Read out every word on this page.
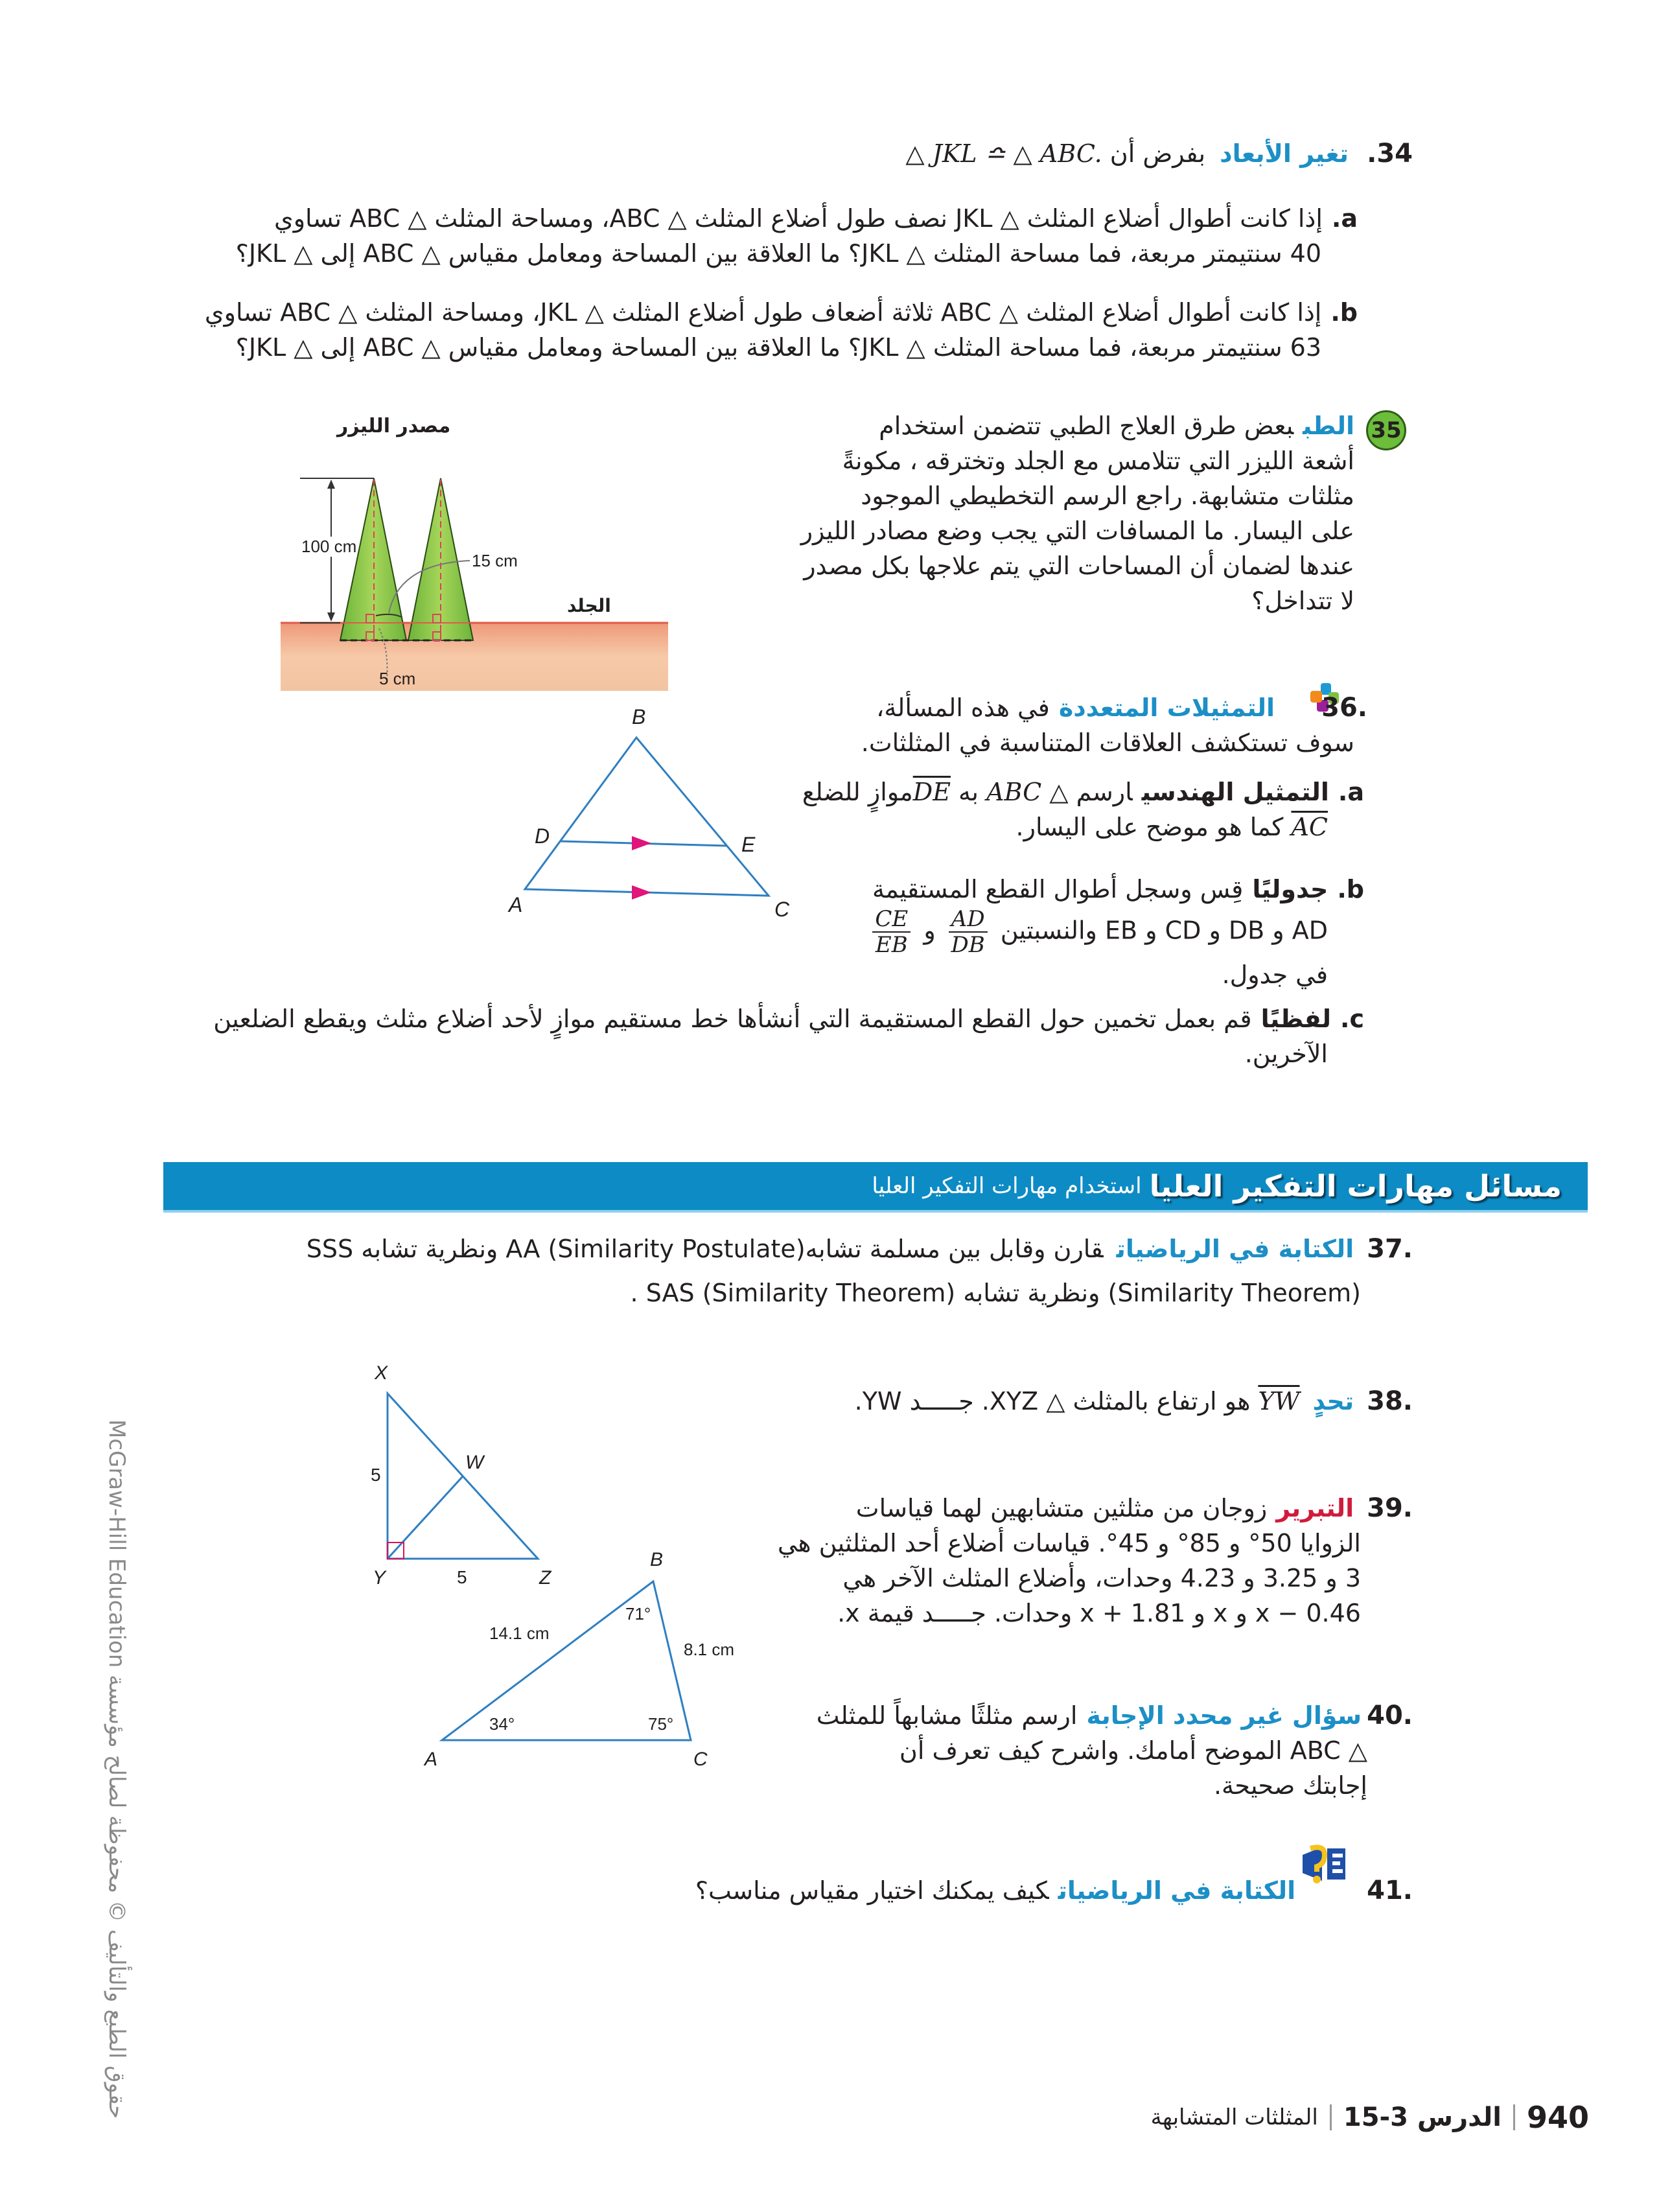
34. تغير الأبعاد بفرض أن △ JKL ≏ △ ABC.
a.إذا كانت أطوال أضلاع المثلث △ JKL نصف طول أضلاع المثلث △ ABC، ومساحة المثلث △ ABC تساوي
40 سنتيمتر مربعة، فما مساحة المثلث △ JKL؟ ما العلاقة بين المساحة ومعامل مقياس △ ABC إلى △ JKL؟
b.إذا كانت أطوال أضلاع المثلث △ ABC ثلاثة أضعاف طول أضلاع المثلث △ JKL، ومساحة المثلث △ ABC تساوي
63 سنتيمتر مربعة، فما مساحة المثلث △ JKL؟ ما العلاقة بين المساحة ومعامل مقياس △ ABC إلى △ JKL؟
35
الطببعض طرق العلاج الطبي تتضمن استخدام
أشعة الليزر التي تتلامس مع الجلد وتخترقه ، مكونةً
مثلثات متشابهة. راجع الرسم التخطيطي الموجود
على اليسار. ما المسافات التي يجب وضع مصادر الليزر
عندها لضمان أن المساحات التي يتم علاجها بكل مصدر
لا تتداخل؟
مصدر الليزر
100 cm
15 cm
5 cm
الجلد
.36 التمثيلات المتعددةفي هذه المسألة،
سوف تستكشف العلاقات المتناسبة في المثلثات.
a.التمثيل الهندسيارسم △ ABC به DEموازٍ للضلع
AC كما هو موضح على اليسار.
b.جدوليًاقِس وسجل أطوال القطع المستقيمة
AD و DB و CD و EB والنسبتين
$\frac{AD}{DB}$
و
$\frac{CE}{EB}$
في جدول.
c.لفظيًاقم بعمل تخمين حول القطع المستقيمة التي أنشأها خط مستقيم موازٍ لأحد أضلاع مثلث ويقطع الضلعين
الآخرين.
B
D	E
A	C
مسائل مهارات التفكير العليا
استخدام مهارات التفكير العليا
.37الكتابة في الرياضياتقارن وقابل بين مسلمة تشابه(Similarity Postulate) AA ونظرية تشابه SSS
(Similarity Theorem) ونظرية تشابه SAS (Similarity Theorem) .
.38تحدٍYWهو ارتفاع بالمثلث △ XYZ. جـــــد YW.
.39التبريرزوجان من مثلثين متشابهين لهما قياسات
الزوايا 50° و 85° و 45°. قياسات أضلاع أحد المثلثين هي
3 و 3.25 و 4.23 وحدات، وأضلاع المثلث الآخر هي
x − 0.46 و x و x + 1.81 وحدات. جـــــد قيمة x.
.40سؤال غير محدد الإجابةارسم مثلثًا مشابهاً للمثلث
△ ABC الموضح أمامك. واشرح كيف تعرف أن
إجابتك صحيحة.
.41الكتابة في الرياضياتكيف يمكنك اختيار مقياس مناسب؟
X
W
Y	Z
5
5
B
A	C
14.1 cm
8.1 cm
34°
71°
75°
حقوق الطبع والتأليف © محفوظة لصالح مؤسسة McGraw-Hill Education	940
الدرس 3-15
المثلثات المتشابهة
